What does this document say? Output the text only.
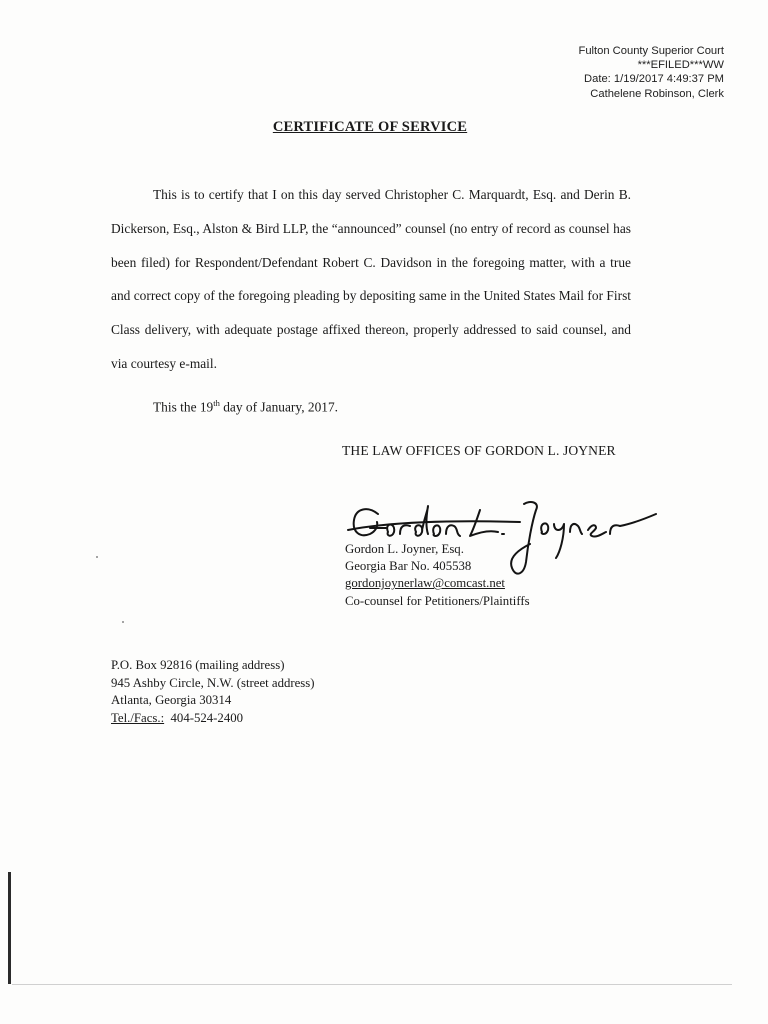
Fulton County Superior Court
***EFILED***WW
Date: 1/19/2017 4:49:37 PM
Cathelene Robinson, Clerk
CERTIFICATE OF SERVICE
This is to certify that I on this day served Christopher C. Marquardt, Esq. and Derin B. Dickerson, Esq., Alston & Bird LLP, the “announced” counsel (no entry of record as counsel has been filed) for Respondent/Defendant Robert C. Davidson in the foregoing matter, with a true and correct copy of the foregoing pleading by depositing same in the United States Mail for First Class delivery, with adequate postage affixed thereon, properly addressed to said counsel, and via courtesy e-mail.
This the 19th day of January, 2017.
THE LAW OFFICES OF GORDON L. JOYNER
Gordon L. Joyner, Esq.
Georgia Bar No. 405538
gordonjoynerlaw@comcast.net
Co-counsel for Petitioners/Plaintiffs
P.O. Box 92816 (mailing address)
945 Ashby Circle, N.W. (street address)
Atlanta, Georgia 30314
Tel./Facs.:  404-524-2400
